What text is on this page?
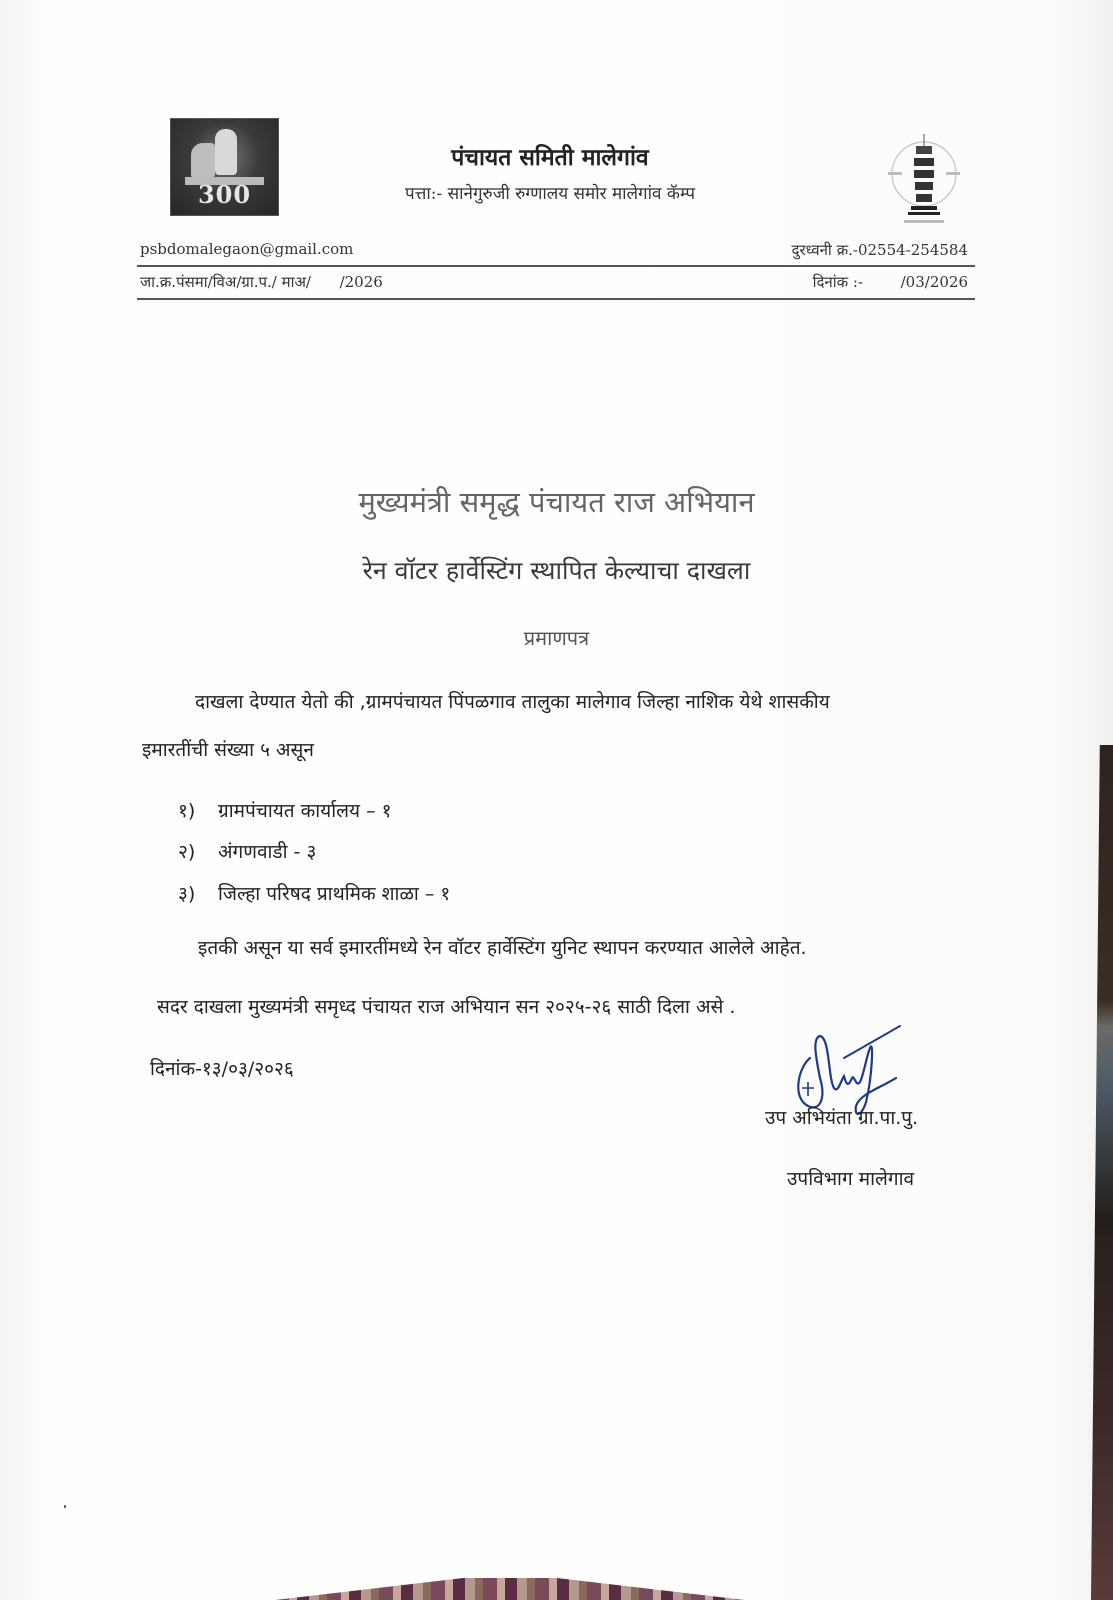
300
पंचायत समिती मालेगांव
पत्ता:- सानेगुरुजी रुग्णालय समोर मालेगांव कॅम्प
psbdomalegaon@gmail.com	दुरध्वनी क्र.-02554-254584
जा.क्र.पंसमा/विअ/ग्रा.प./ माअ/      /2026	दिनांक :-	/03/2026
मुख्यमंत्री समृद्ध पंचायत राज अभियान
रेन वॉटर हार्वेस्टिंग स्थापित केल्याचा दाखला
प्रमाणपत्र
दाखला देण्यात येतो की ,ग्रामपंचायत पिंपळगाव तालुका मालेगाव जिल्हा नाशिक येथे शासकीय
इमारतींची संख्या ५ असून
१) ग्रामपंचायत कार्यालय – १
२) अंगणवाडी - ३
३) जिल्हा परिषद प्राथमिक शाळा – १
इतकी असून या सर्व इमारतींमध्ये रेन वॉटर हार्वेस्टिंग युनिट स्थापन करण्यात आलेले आहेत.
सदर दाखला मुख्यमंत्री समृध्द पंचायत राज अभियान सन २०२५-२६ साठी दिला असे .
दिनांक-१३/०३/२०२६
उप अभियंता ग्रा.पा.पु.
उपविभाग मालेगाव
